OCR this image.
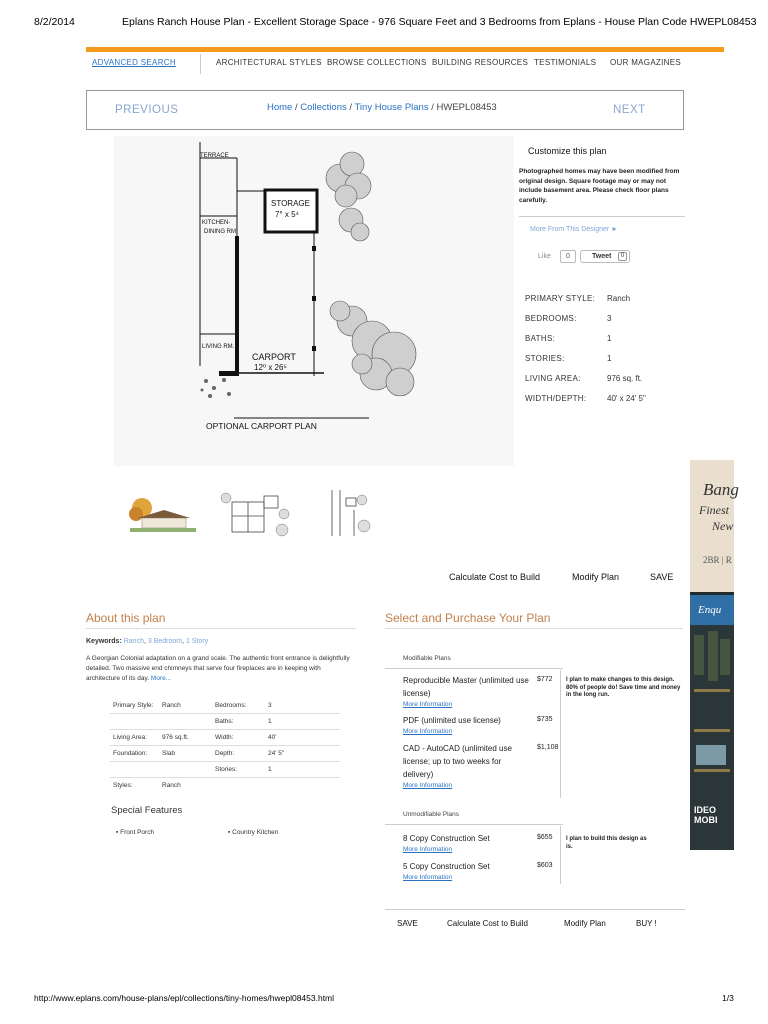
8/2/2014	Eplans Ranch House Plan - Excellent Storage Space - 976 Square Feet and 3 Bedrooms from Eplans - House Plan Code HWEPL08453
ADVANCED SEARCH	ARCHITECTURAL STYLES BROWSE COLLECTIONS BUILDING RESOURCES TESTIMONIALS OUR MAGAZINES
PREVIOUS	Home / Collections / Tiny House Plans / HWEPL08453	NEXT
TERRACE
STORAGE
7° x 5⁴
KITCHEN-
DINING RM.
LIVING RM.
CARPORT
12⁰ x 26⁵
OPTIONAL CARPORT PLAN
Customize this plan
Photographed homes may have been modified from original design. Square footage may or may not include basement area. Please check floor plans carefully.
More From This Designer ►
Like	0	Tweet	0
PRIMARY STYLE: Ranch
BEDROOMS:	3
BATHS:	1
STORIES:	1
LIVING AREA:	976 sq. ft.
WIDTH/DEPTH:	40' x 24' 5"
Calculate Cost to Build	Modify Plan	SAVE
Bang
Finest
New
2BR | R
Enqu
IDEO
MOBI
About this plan
Keywords: Ranch, 3 Bedroom, 1 Story
A Georgian Colonial adaptation on a grand scale. The authentic front entrance is delightfully detailed. Two massive end chimneys that serve four fireplaces are in keeping with architecture of its day. More...
Primary Style: Ranch	Bedrooms:	3
Baths:	1
Living Area: 976 sq.ft.	Width:	40'
Foundation: Slab	Depth:	24' 5"
Stories:	1
Styles:	Ranch
Special Features
▪ Front Porch	▪ Country Kitchen
Select and Purchase Your Plan
Modifiable Plans
Reproducible Master (unlimited use license)
More Information
$772
PDF (unlimited use license)
More Information
$735
CAD - AutoCAD (unlimited use license; up to two weeks for delivery)
More Information
$1,108
I plan to make changes to this design. 80% of people do! Save time and money in the long run.
Unmodifiable Plans
8 Copy Construction Set
More Information
$655
5 Copy Construction Set
More Information
$603
I plan to build this design as is.
SAVE	Calculate Cost to Build	Modify Plan	BUY !
http://www.eplans.com/house-plans/epl/collections/tiny-homes/hwepl08453.html	1/3
